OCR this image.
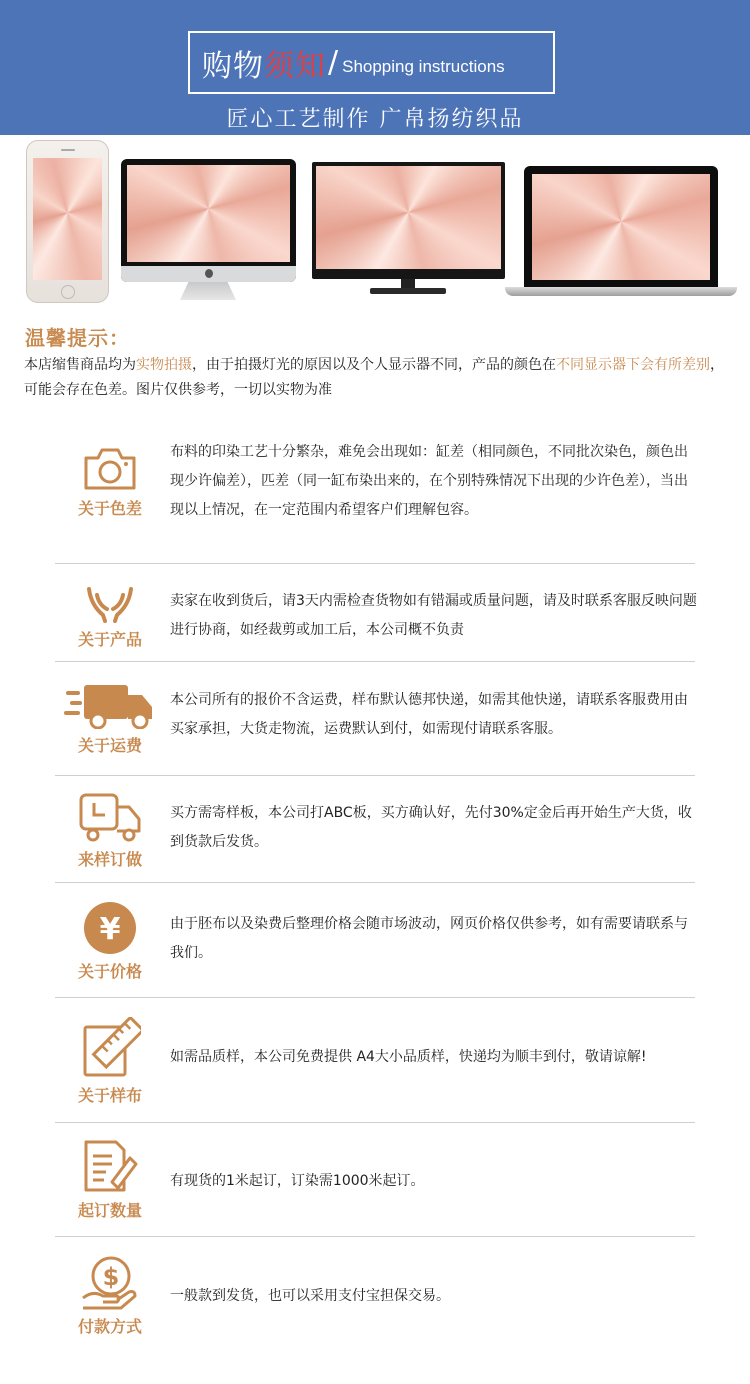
购物须知 / Shopping instructions
匠心工艺制作 广帛扬纺织品
温馨提示：
本店缩售商品均为实物拍摄，由于拍摄灯光的原因以及个人显示器不同，产品的颜色在不同显示器下会有所差别，可能会存在色差。图片仅供参考，一切以实物为准
关于色差
布料的印染工艺十分繁杂，难免会出现如：缸差（相同颜色，不同批次染色，颜色出现少许偏差），匹差（同一缸布染出来的，在个别特殊情况下出现的少许色差），当出现以上情况，在一定范围内希望客户们理解包容。
关于产品
卖家在收到货后，请3天内需检查货物如有错漏或质量问题，请及时联系客服反映问题进行协商，如经裁剪或加工后，本公司概不负责
关于运费
本公司所有的报价不含运费，样布默认德邦快递，如需其他快递，请联系客服费用由买家承担，大货走物流，运费默认到付，如需现付请联系客服。
来样订做
买方需寄样板，本公司打ABC板，买方确认好，先付30%定金后再开始生产大货，收到货款后发货。
¥
关于价格
由于胚布以及染费后整理价格会随市场波动，网页价格仅供参考，如有需要请联系与我们。
关于样布
如需品质样，本公司免费提供 A4大小品质样，快递均为顺丰到付，敬请谅解!
起订数量
有现货的1米起订，订染需1000米起订。
$
付款方式
一般款到发货，也可以采用支付宝担保交易。
